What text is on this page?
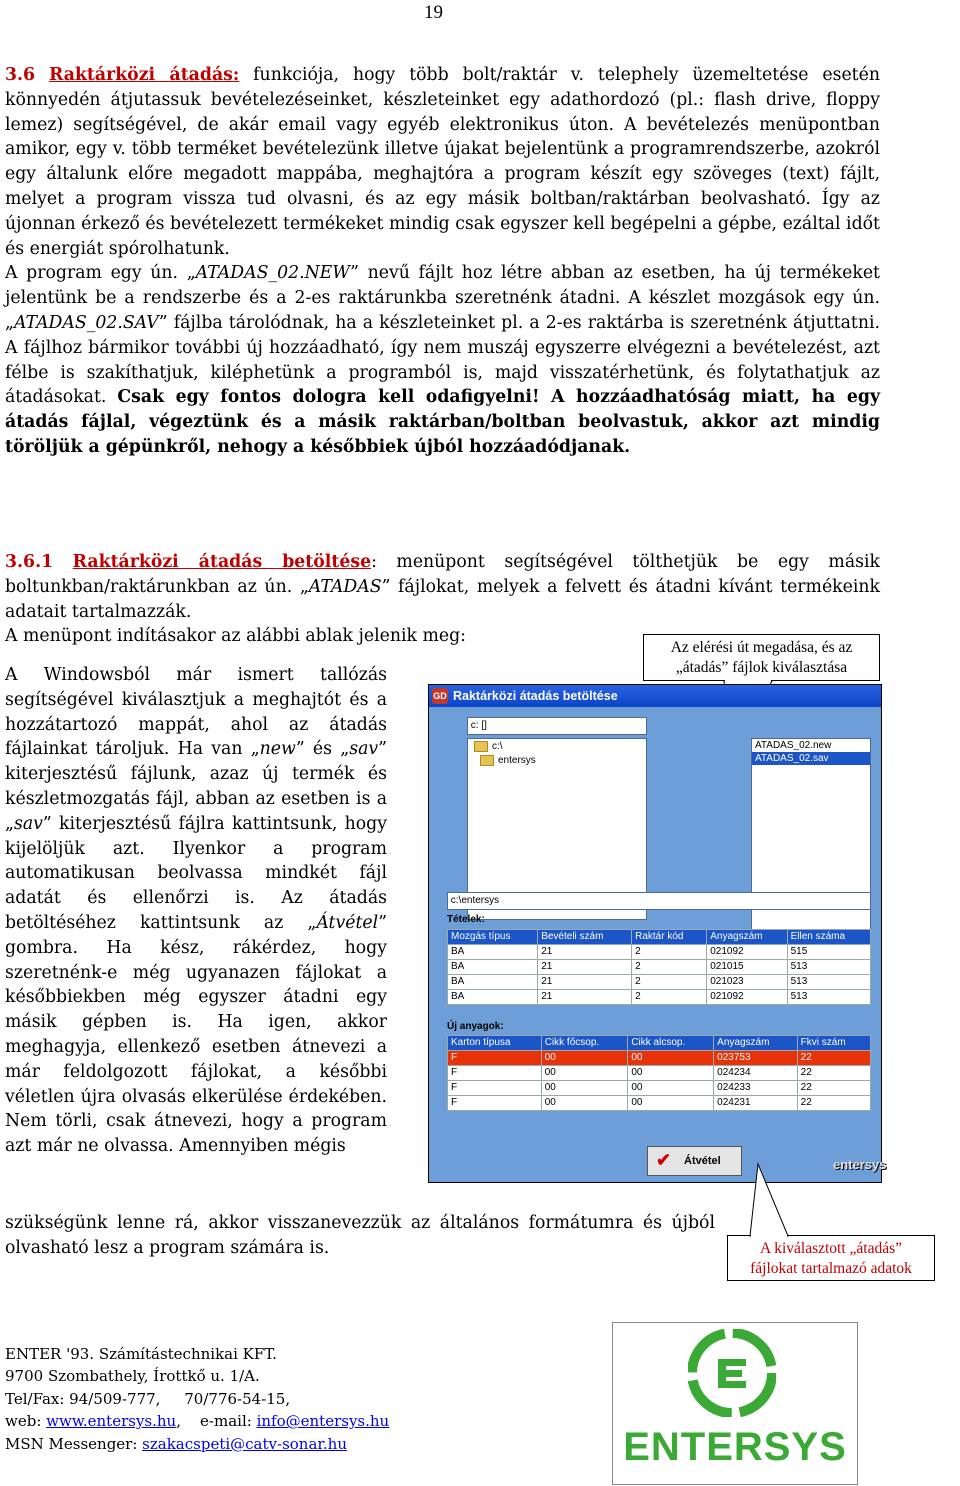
19

3.6 Raktárközi átadás: funkciója, hogy több bolt/raktár v. telephely üzemeltetése esetén könnyedén átjutassuk bevételezéseinket, készleteinket egy adathordozó (pl.: flash drive, floppy lemez) segítségével, de akár email vagy egyéb elektronikus úton. A bevételezés menüpontban amikor, egy v. több terméket bevételezünk illetve újakat bejelentünk a programrendszerbe, azokról egy általunk előre megadott mappába, meghajtóra a program készít egy szöveges (text) fájlt, melyet a program vissza tud olvasni, és az egy másik boltban/raktárban beolvasható. Így az újonnan érkező és bevételezett termékeket mindig csak egyszer kell begépelni a gépbe, ezáltal időt és energiát spórolhatunk.

A program egy ún. „ATADAS_02.NEW” nevű fájlt hoz létre abban az esetben, ha új termékeket jelentünk be a rendszerbe és a 2-es raktárunkba szeretnénk átadni. A készlet mozgások egy ún. „ATADAS_02.SAV” fájlba tárolódnak, ha a készleteinket pl. a 2-es raktárba is szeretnénk átjuttatni. A fájlhoz bármikor további új hozzáadható, így nem muszáj egyszerre elvégezni a bevételezést, azt félbe is szakíthatjuk, kiléphetünk a programból is, majd visszatérhetünk, és folytathatjuk az átadásokat. Csak egy fontos dologra kell odafigyelni! A hozzáadhatóság miatt, ha egy átadás fájlal, végeztünk és a másik raktárban/boltban beolvastuk, akkor azt mindig töröljük a gépünkről, nehogy a későbbiek újból hozzáadódjanak.

3.6.1 Raktárközi átadás betöltése: menüpont segítségével tölthetjük be egy másik boltunkban/raktárunkban az ún. „ATADAS” fájlokat, melyek a felvett és átadni kívánt termékeink adatait tartalmazzák.

A menüpont indításakor az alábbi ablak jelenik meg:

A Windowsból már ismert tallózás segítségével kiválasztjuk a meghajtót és a hozzátartozó mappát, ahol az átadás fájlainkat tároljuk. Ha van „new” és „sav” kiterjesztésű fájlunk, azaz új termék és készletmozgatás fájl, abban az esetben is a „sav” kiterjesztésű fájlra kattintsunk, hogy kijelöljük azt. Ilyenkor a program automatikusan beolvassa mindkét fájl adatát és ellenőrzi is. Az átadás betöltéséhez kattintsunk az „Átvétel” gombra. Ha kész, rákérdez, hogy szeretnénk-e még ugyanazen fájlokat a későbbiekben még egyszer átadni egy másik gépben is. Ha igen, akkor meghagyja, ellenkező esetben átnevezi a már feldolgozott fájlokat, a későbbi véletlen újra olvasás elkerülése érdekében. Nem törli, csak átnevezi, hogy a program azt már ne olvassa. Amennyiben mégis

szükségünk lenne rá, akkor visszanevezzük az általános formátumra és újból olvasható lesz a program számára is.
Az elérési út megadása, és az
„átadás” fájlok kiválasztása
GD Raktárközi átadás betöltése
c: []
c:\
entersys
ATADAS_02.new
ATADAS_02.sav
c:\entersys
Tételek:
Mozgás típus	Bevételi szám	Raktár kód	Anyagszám	Ellen száma
BA	21	2	021092	515
BA	21	2	021015	513
BA	21	2	021023	513
BA	21	2	021092	513
Új anyagok:
Karton típusa	Cikk főcsop.	Cikk alcsop.	Anyagszám	Fkvi szám
F	00	00	023753	22
F	00	00	024234	22
F	00	00	024233	22
F	00	00	024231	22
✔ Átvétel	entersys
A kiválasztott „átadás”
fájlokat tartalmazó adatok
ENTER '93. Számítástechnikai KFT.
9700 Szombathely, Írottkő u. 1/A.
Tel/Fax: 94/509-777,     70/776-54-15,
web: www.entersys.hu,    e-mail: info@entersys.hu
MSN Messenger: szakacspeti@catv-sonar.hu	ENTERSYS
